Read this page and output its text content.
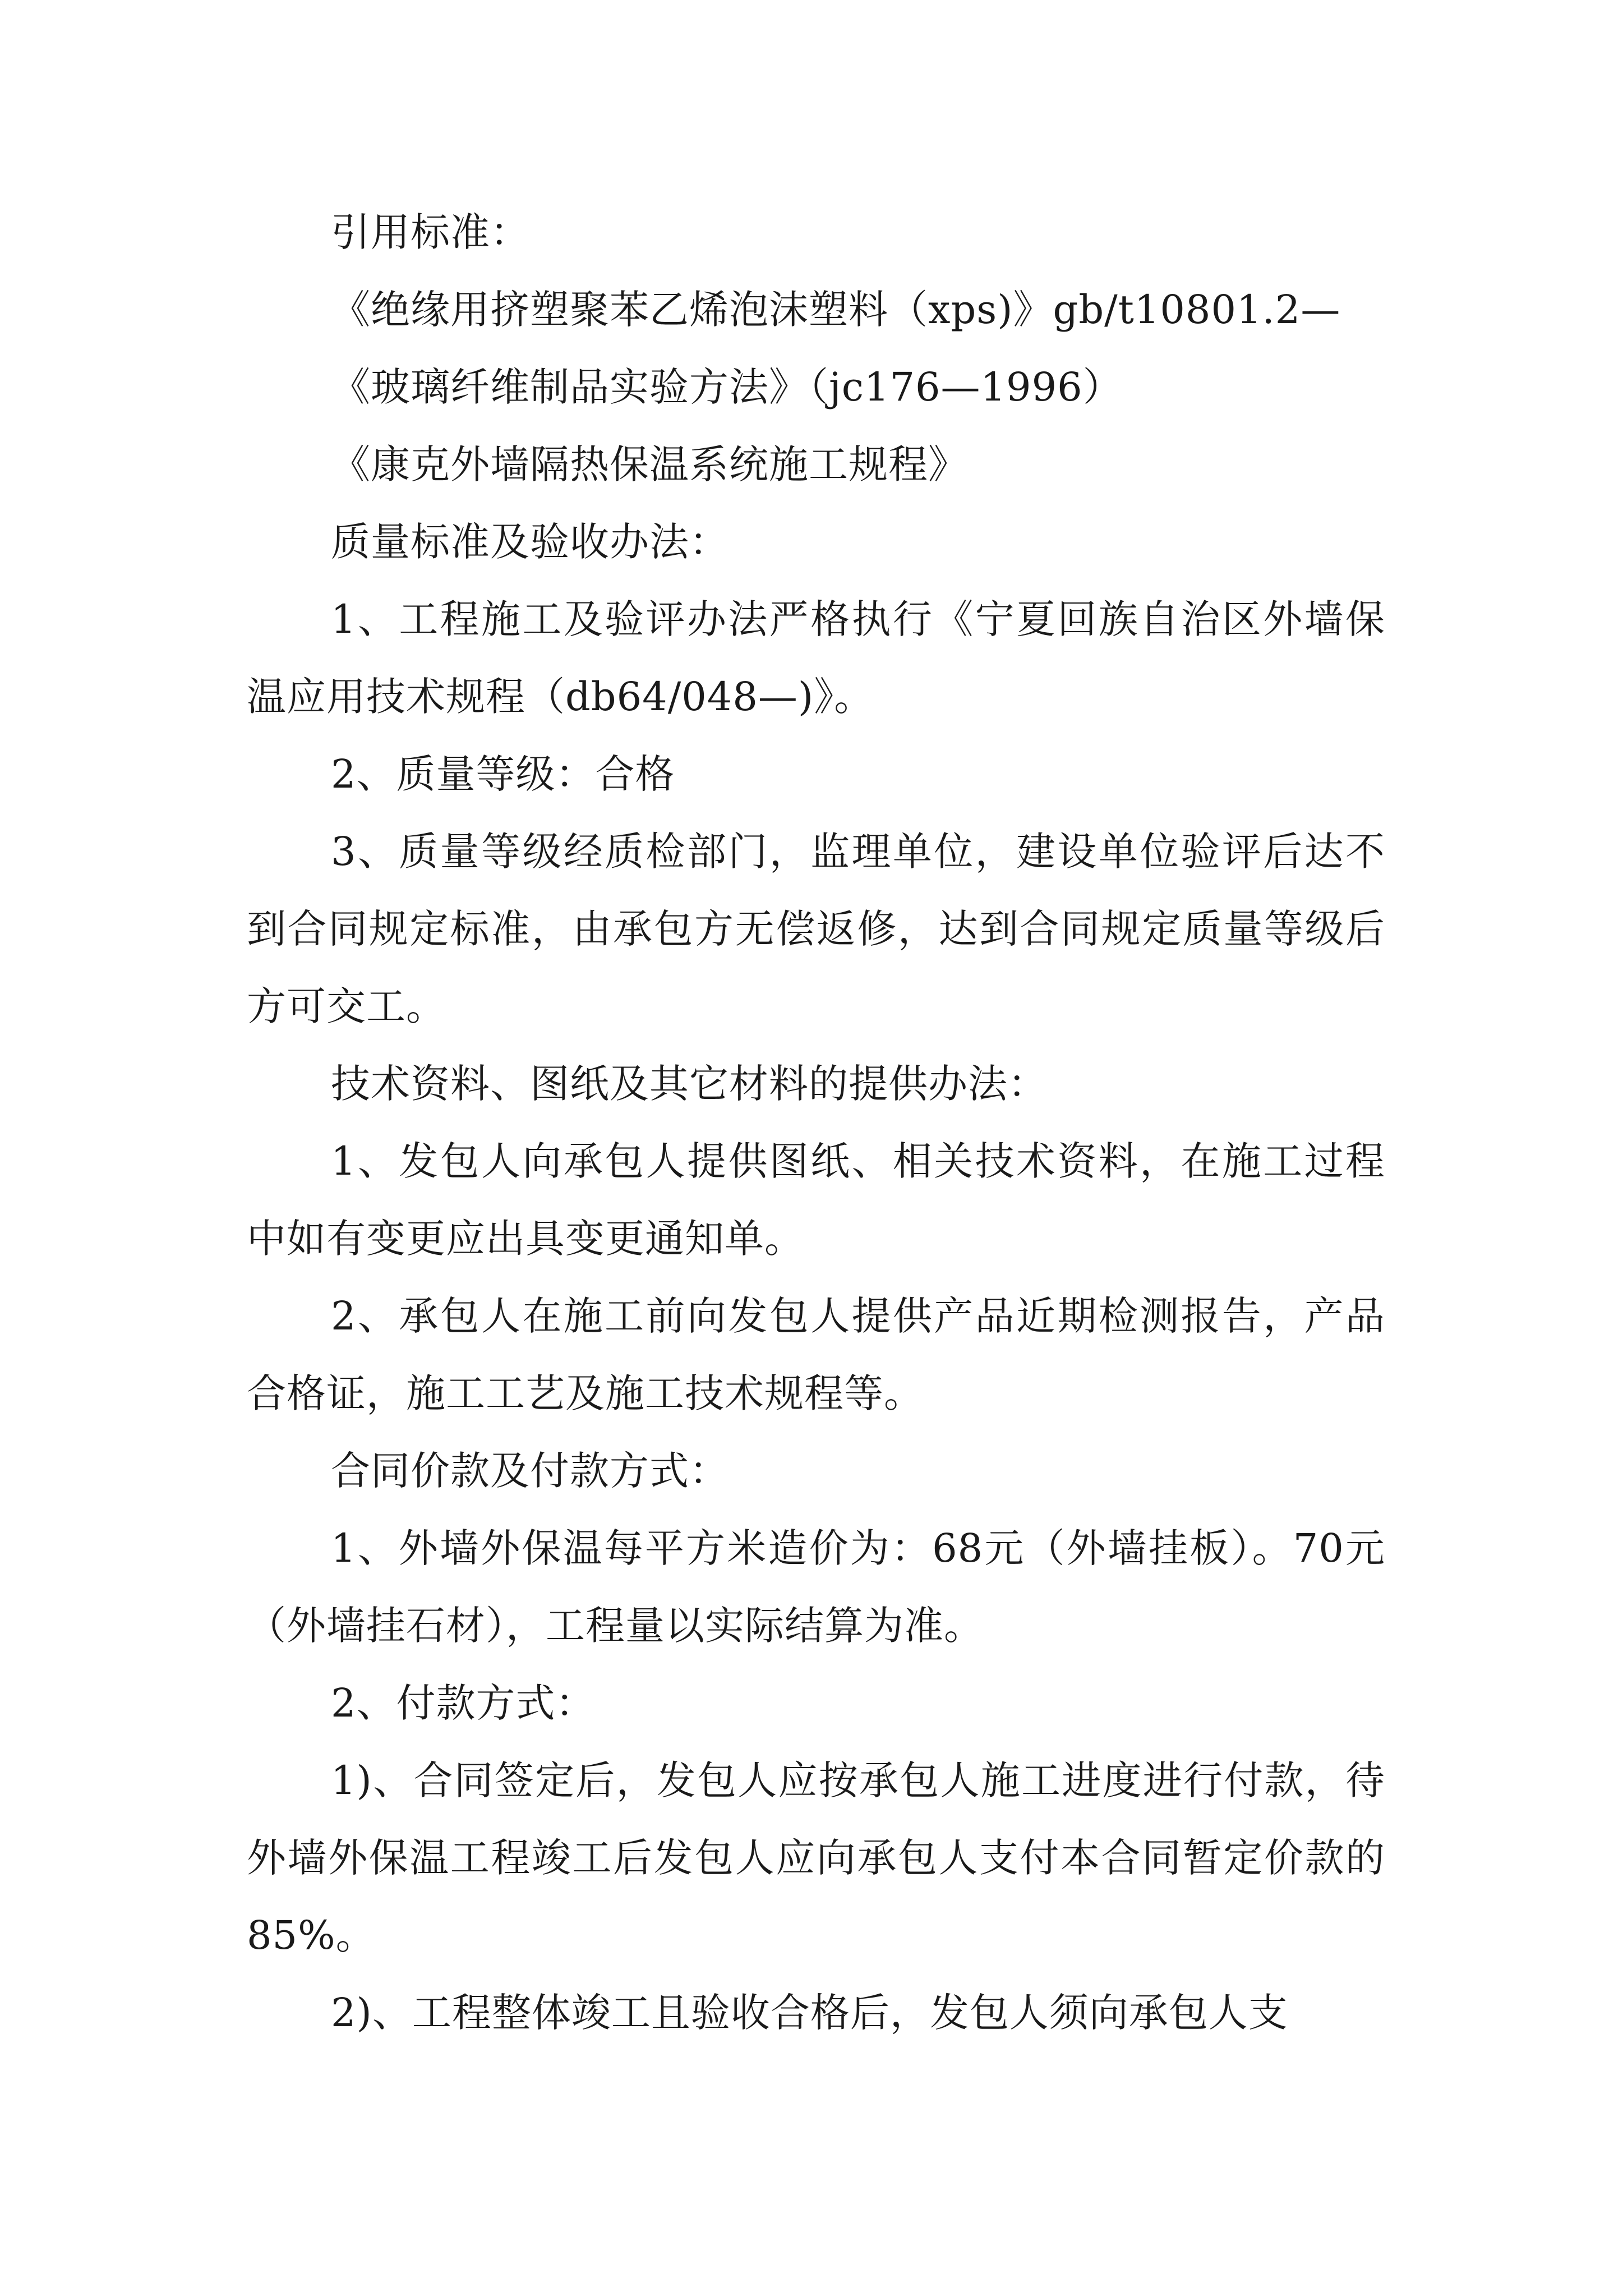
引用标准：

《绝缘用挤塑聚苯乙烯泡沫塑料（xps)》gb/t10801.2—

《玻璃纤维制品实验方法》（jc176—1996）

《康克外墙隔热保温系统施工规程》

质量标准及验收办法：

1、工程施工及验评办法严格执行《宁夏回族自治区外墙保温应用技术规程（db64/048—)》。

2、质量等级：合格

3、质量等级经质检部门，监理单位，建设单位验评后达不到合同规定标准，由承包方无偿返修，达到合同规定质量等级后方可交工。

技术资料、图纸及其它材料的提供办法：

1、发包人向承包人提供图纸、相关技术资料，在施工过程中如有变更应出具变更通知单。

2、承包人在施工前向发包人提供产品近期检测报告，产品合格证，施工工艺及施工技术规程等。

合同价款及付款方式：

1、外墙外保温每平方米造价为：68元（外墙挂板）。70元（外墙挂石材），工程量以实际结算为准。

2、付款方式：

1)、合同签定后，发包人应按承包人施工进度进行付款，待外墙外保温工程竣工后发包人应向承包人支付本合同暂定价款的85%。

2)、工程整体竣工且验收合格后，发包人须向承包人支
